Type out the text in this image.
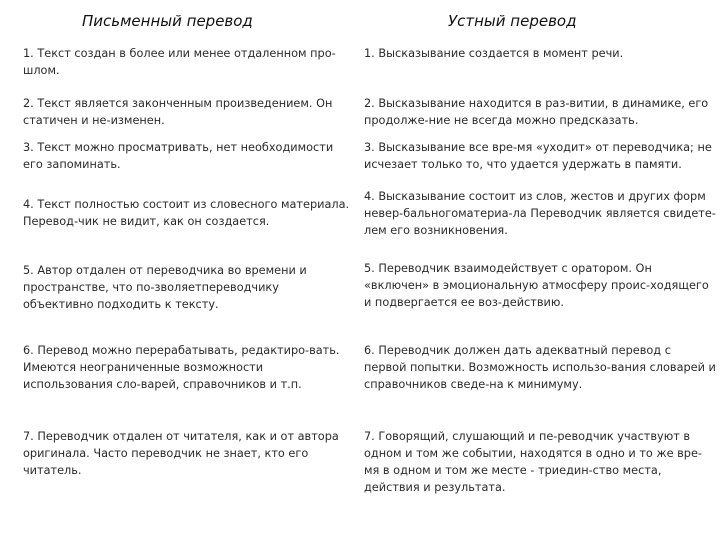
Письменный перевод	Устный перевод
1. Текст создан в более или менее отдаленном про-шлом.
1. Высказывание создается в момент речи.
2. Текст является законченным произведением. Он статичен и не-изменен.
2. Высказывание находится в раз-витии, в динамике, его продолже-ние не всегда можно предсказать.
3. Текст можно просматривать, нет необходимости его запоминать.
3. Высказывание все вре-мя «уходит» от переводчика; не исчезает только то, что удается удержать в памяти.
4. Текст полностью состоит из словесного материала. Перевод-чик не видит, как он создается.
4. Высказывание состоит из слов, жестов и других форм невер-бальногоматериа-ла Переводчик является свидете-лем его возникновения.
5. Автор отдален от переводчика во времени и пространстве, что по-зволяетпереводчику объективно подходить к тексту.
5. Переводчик взаимодействует с оратором. Он «включен» в эмоциональную атмосферу проис-ходящего и подвергается ее воз-действию.
6. Перевод можно перерабатывать, редактиро-вать. Имеются неограниченные возможности использования сло-варей, справочников и т.п.
6. Переводчик должен дать адекватный перевод с первой попытки. Возможность использо-вания словарей и справочников сведе-на к минимуму.
7. Переводчик отдален от читателя, как и от автора оригинала. Часто переводчик не знает, кто его читатель.
7. Говорящий, слушающий и пе-реводчик участвуют в одном и том же событии, находятся в одно и то же вре-мя в одном и том же месте - триедин-ство места, действия и результата.
